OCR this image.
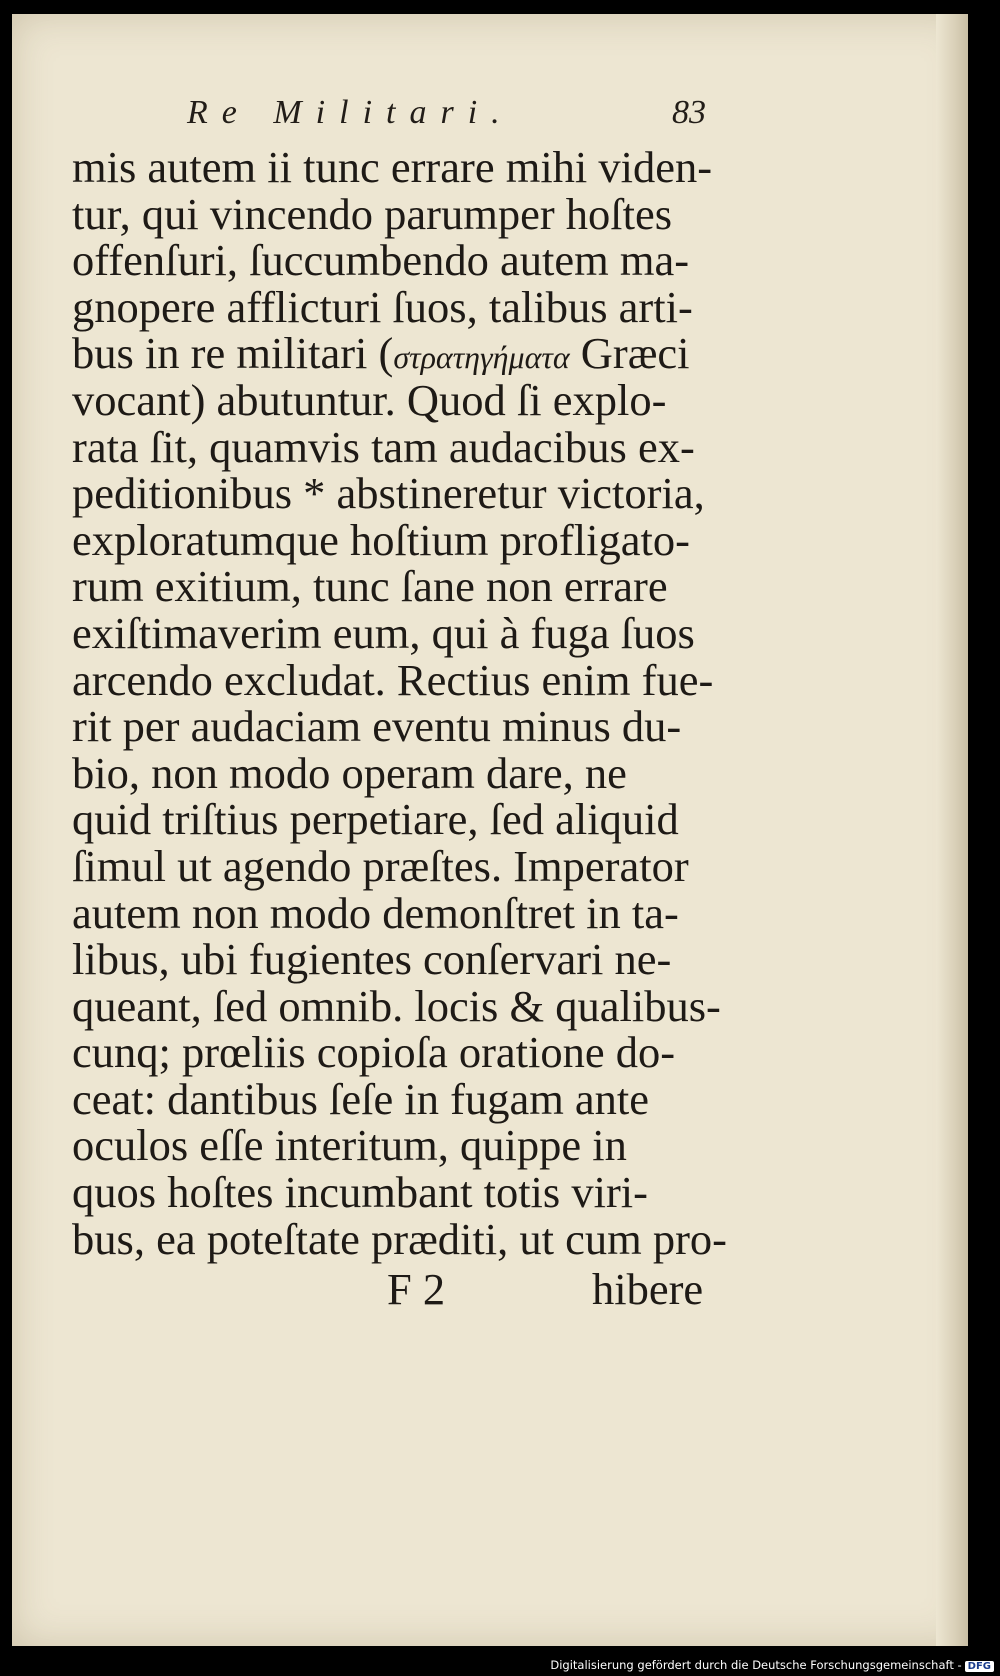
Re Militari.	83
mis autem ii tunc errare mihi viden-
tur, qui vincendo parumper hoſtes
offenſuri, ſuccumbendo autem ma-
gnopere afflicturi ſuos, talibus arti-
bus in re militari (στρατηγήματα Græci
vocant) abutuntur. Quod ſi explo-
rata ſit, quamvis tam audacibus ex-
peditionibus * abstineretur victoria,
exploratumque hoſtium profligato-
rum exitium, tunc ſane non errare
exiſtimaverim eum, qui à fuga ſuos
arcendo excludat. Rectius enim fue-
rit per audaciam eventu minus du-
bio, non modo operam dare, ne
quid triſtius perpetiare, ſed aliquid
ſimul ut agendo præſtes. Imperator
autem non modo demonſtret in ta-
libus, ubi fugientes conſervari ne-
queant, ſed omnib. locis & qualibus-
cunq; prœliis copioſa oratione do-
ceat: dantibus ſeſe in fugam ante
oculos eſſe interitum, quippe in
quos hoſtes incumbant totis viri-
bus, ea poteſtate prædіti, ut cum pro-
F 2	hibere
Digitalisierung gefördert durch die Deutsche Forschungsgemeinschaft - DFG
